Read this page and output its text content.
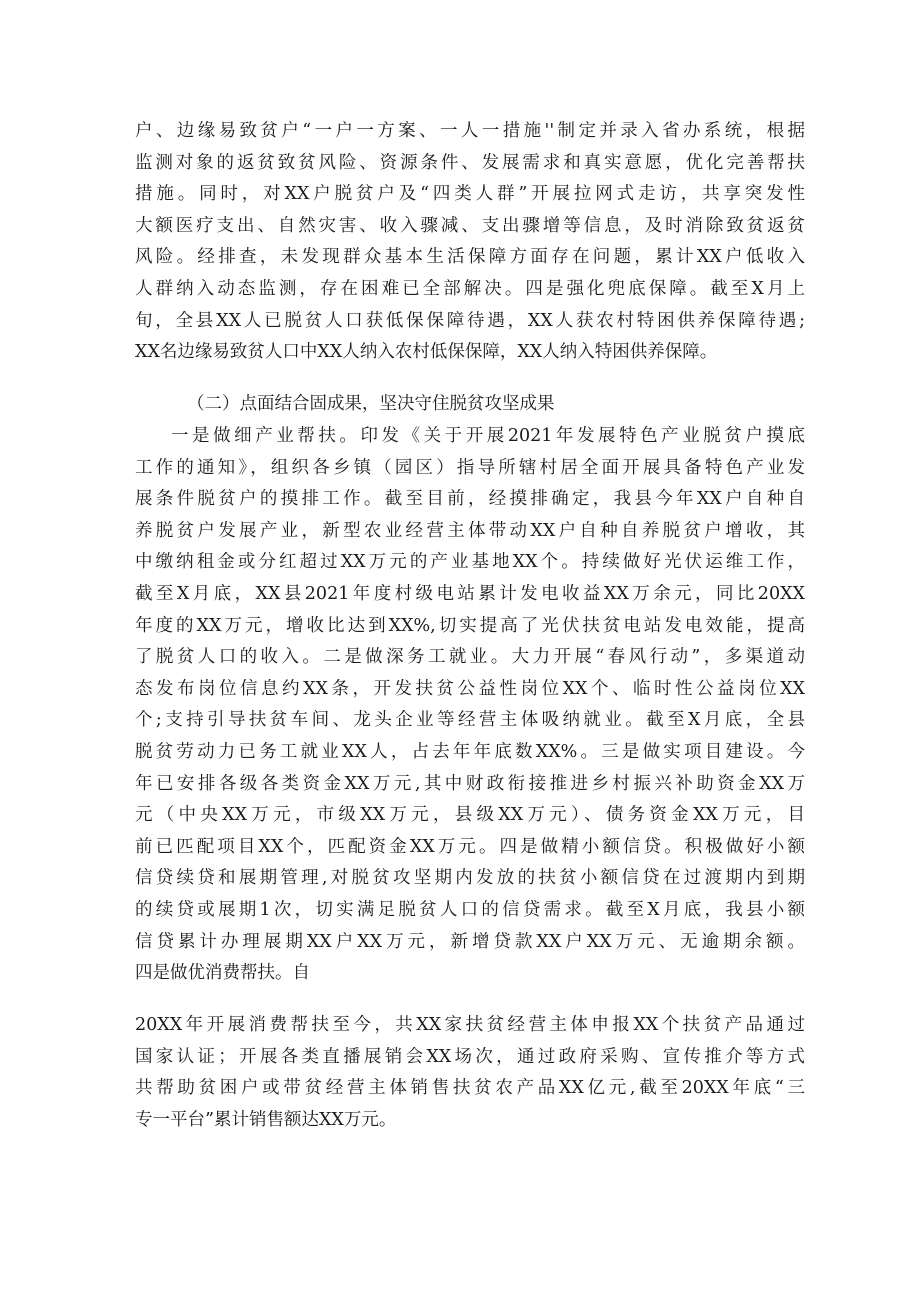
户、边缘易致贫户“一户一方案、一人一措施''制定并录入省办系统，根据
监测对象的返贫致贫风险、资源条件、发展需求和真实意愿，优化完善帮扶
措施。同时，对XX户脱贫户及“四类人群”开展拉网式走访，共享突发性
大额医疗支出、自然灾害、收入骤减、支出骤增等信息，及时消除致贫返贫
风险。经排查，未发现群众基本生活保障方面存在问题，累计XX户低收入
人群纳入动态监测，存在困难已全部解决。四是强化兜底保障。截至X月上
旬，全县XX人已脱贫人口获低保保障待遇，XX人获农村特困供养保障待遇;
XX名边缘易致贫人口中XX人纳入农村低保保障，XX人纳入特困供养保障。
（二）点面结合固成果，坚决守住脱贫攻坚成果
一是做细产业帮扶。印发《关于开展2021年发展特色产业脱贫户摸底
工作的通知》，组织各乡镇（园区）指导所辖村居全面开展具备特色产业发
展条件脱贫户的摸排工作。截至目前，经摸排确定，我县今年XX户自种自
养脱贫户发展产业，新型农业经营主体带动XX户自种自养脱贫户增收，其
中缴纳租金或分红超过XX万元的产业基地XX个。持续做好光伏运维工作，
截至X月底，XX县2021年度村级电站累计发电收益XX万余元，同比20XX
年度的XX万元，增收比达到XX%,切实提高了光伏扶贫电站发电效能，提高
了脱贫人口的收入。二是做深务工就业。大力开展“春风行动”，多渠道动
态发布岗位信息约XX条，开发扶贫公益性岗位XX个、临时性公益岗位XX
个;支持引导扶贫车间、龙头企业等经营主体吸纳就业。截至X月底，全县
脱贫劳动力已务工就业XX人，占去年年底数XX%。三是做实项目建设。今
年已安排各级各类资金XX万元,其中财政衔接推进乡村振兴补助资金XX万
元（中央XX万元，市级XX万元，县级XX万元）、债务资金XX万元，目
前已匹配项目XX个，匹配资金XX万元。四是做精小额信贷。积极做好小额
信贷续贷和展期管理,对脱贫攻坚期内发放的扶贫小额信贷在过渡期内到期
的续贷或展期1次，切实满足脱贫人口的信贷需求。截至X月底，我县小额
信贷累计办理展期XX户XX万元，新增贷款XX户XX万元、无逾期余额。
四是做优消费帮扶。自
20XX年开展消费帮扶至今，共XX家扶贫经营主体申报XX个扶贫产品通过
国家认证；开展各类直播展销会XX场次，通过政府采购、宣传推介等方式
共帮助贫困户或带贫经营主体销售扶贫农产品XX亿元,截至20XX年底“三
专一平台”累计销售额达XX万元。
